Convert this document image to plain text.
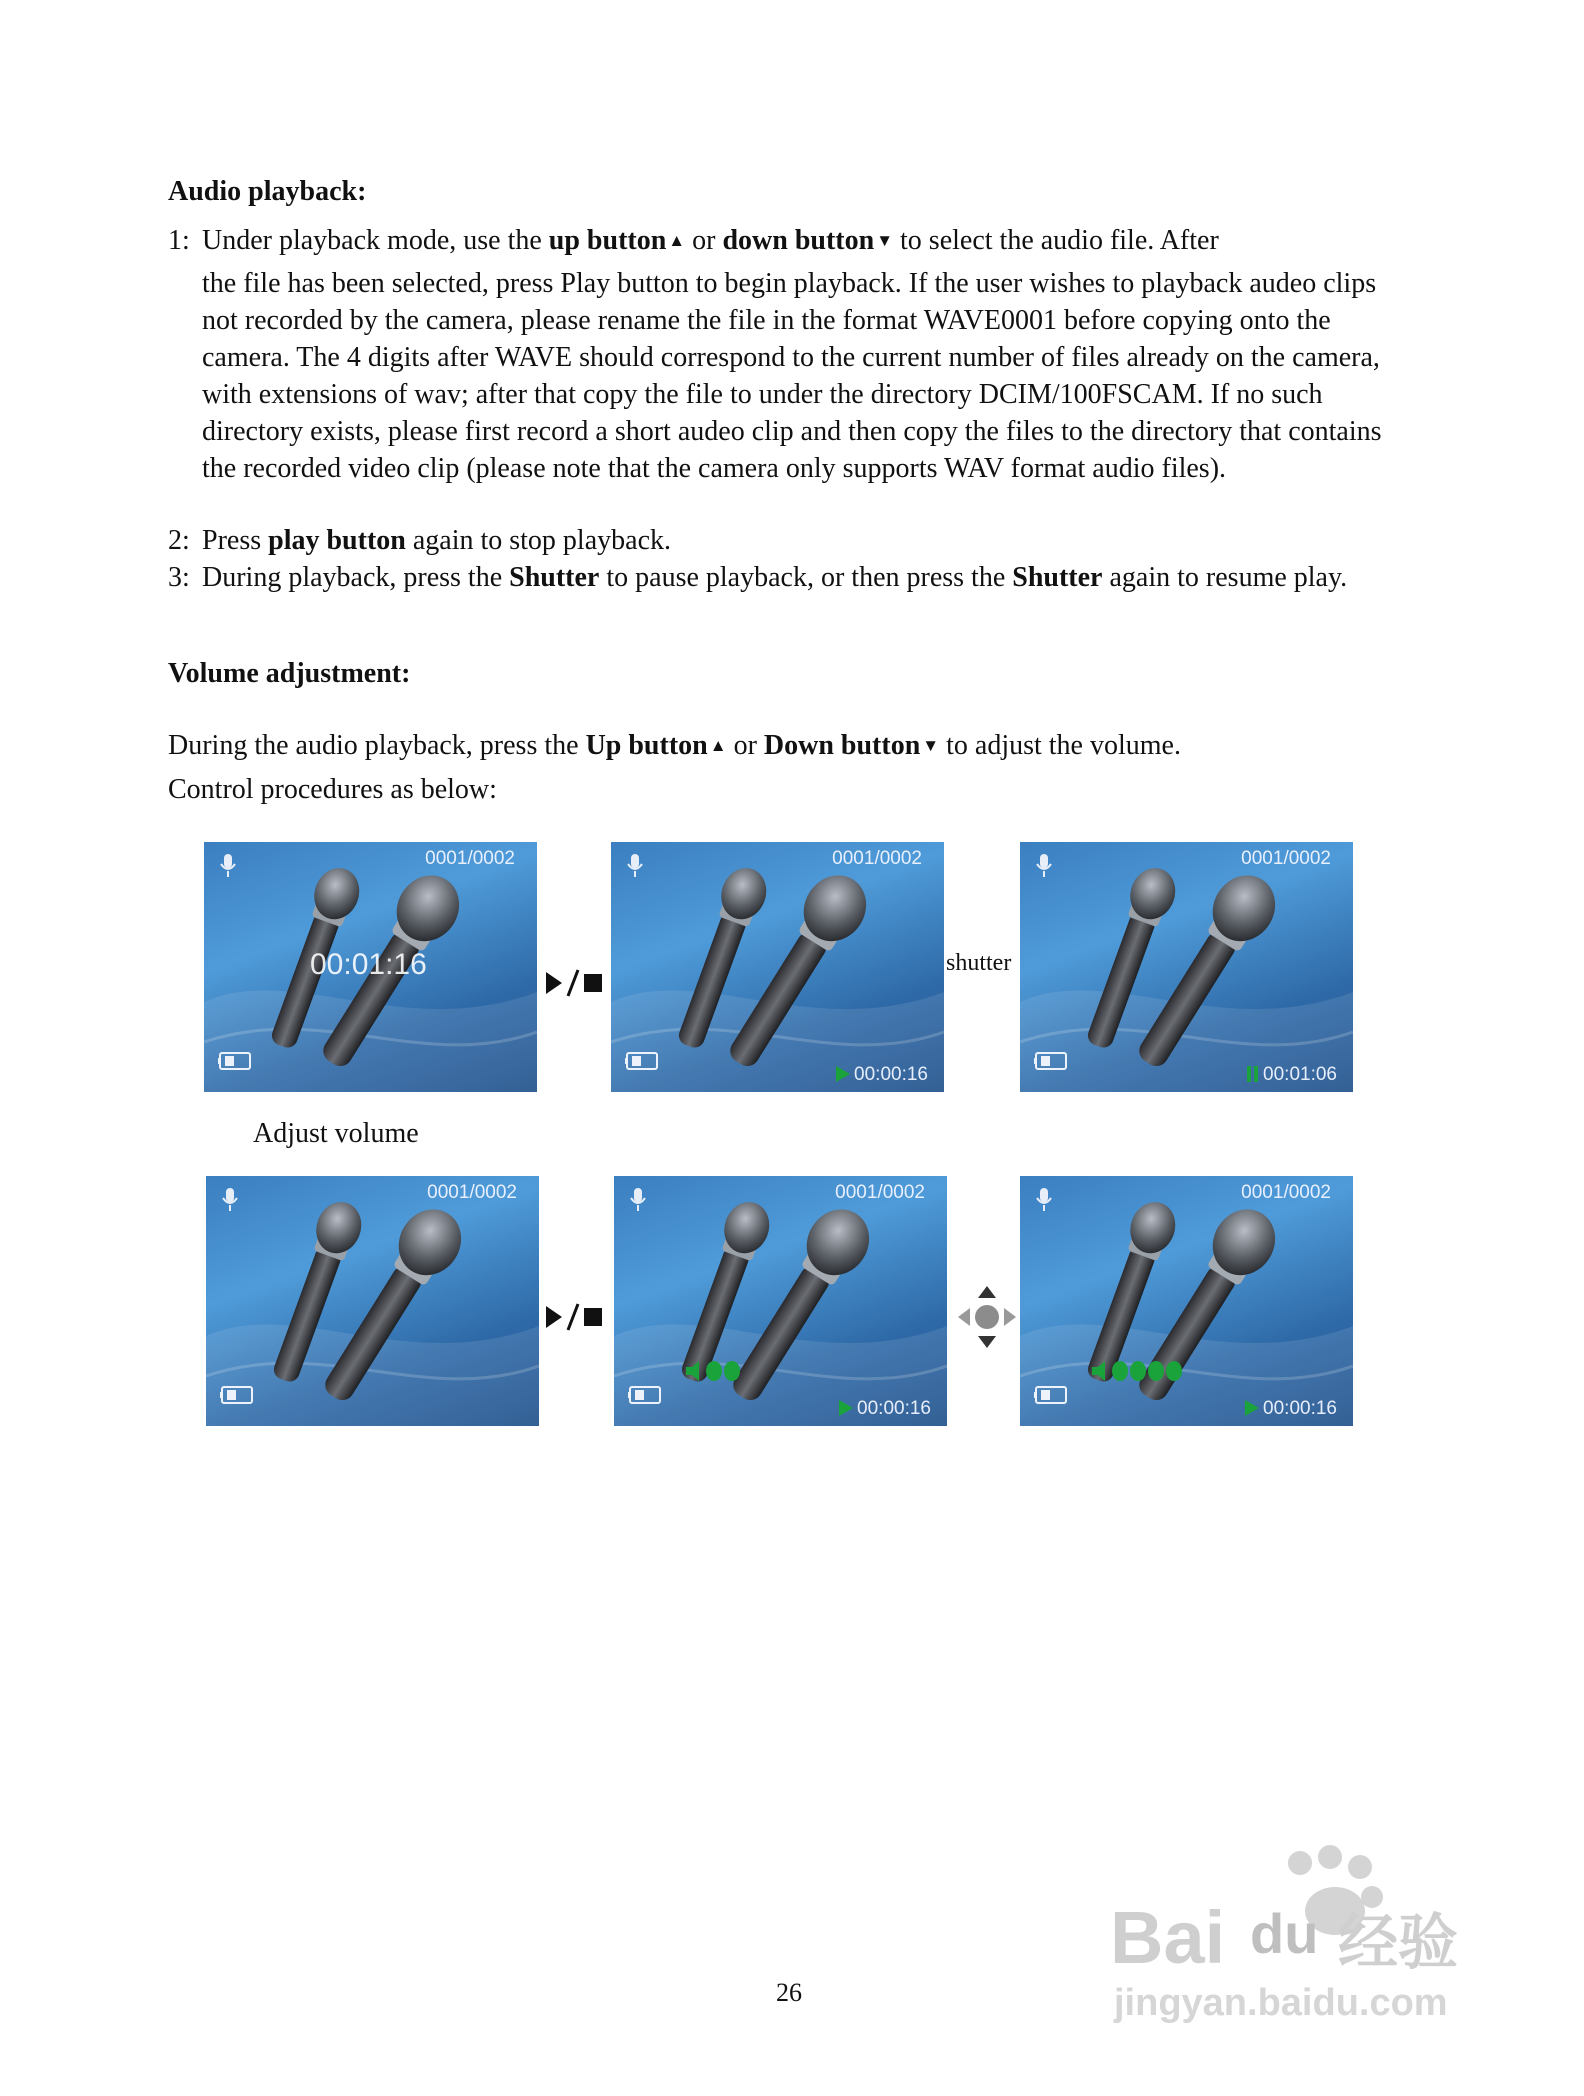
Audio playback:
1: Under playback mode, use the up button ▲ or down button ▼ to select the audio file. After
the file has been selected, press Play button to begin playback. If the user wishes to playback audeo clips not recorded by the camera, please rename the file in the format WAVE0001 before copying onto the camera. The 4 digits after WAVE should correspond to the current number of files already on the camera, with extensions of wav; after that copy the file to under the directory DCIM/100FSCAM. If no such directory exists, please first record a short audeo clip and then copy the files to the directory that contains the recorded video clip (please note that the camera only supports WAV format audio files).
2: Press play button again to stop playback.
3: During playback, press the Shutter to pause playback, or then press the Shutter again to resume play.
Volume adjustment:
During the audio playback, press the Up button ▲ or Down button ▼ to adjust the volume.
Control procedures as below:
0001/0002
00:01:16
0001/0002
00:00:16
shutter
0001/0002
00:01:06
Adjust volume
0001/0002	0001/0002
00:00:16
0001/0002
00:00:16
26
Bai du 经验
jingyan.baidu.com
